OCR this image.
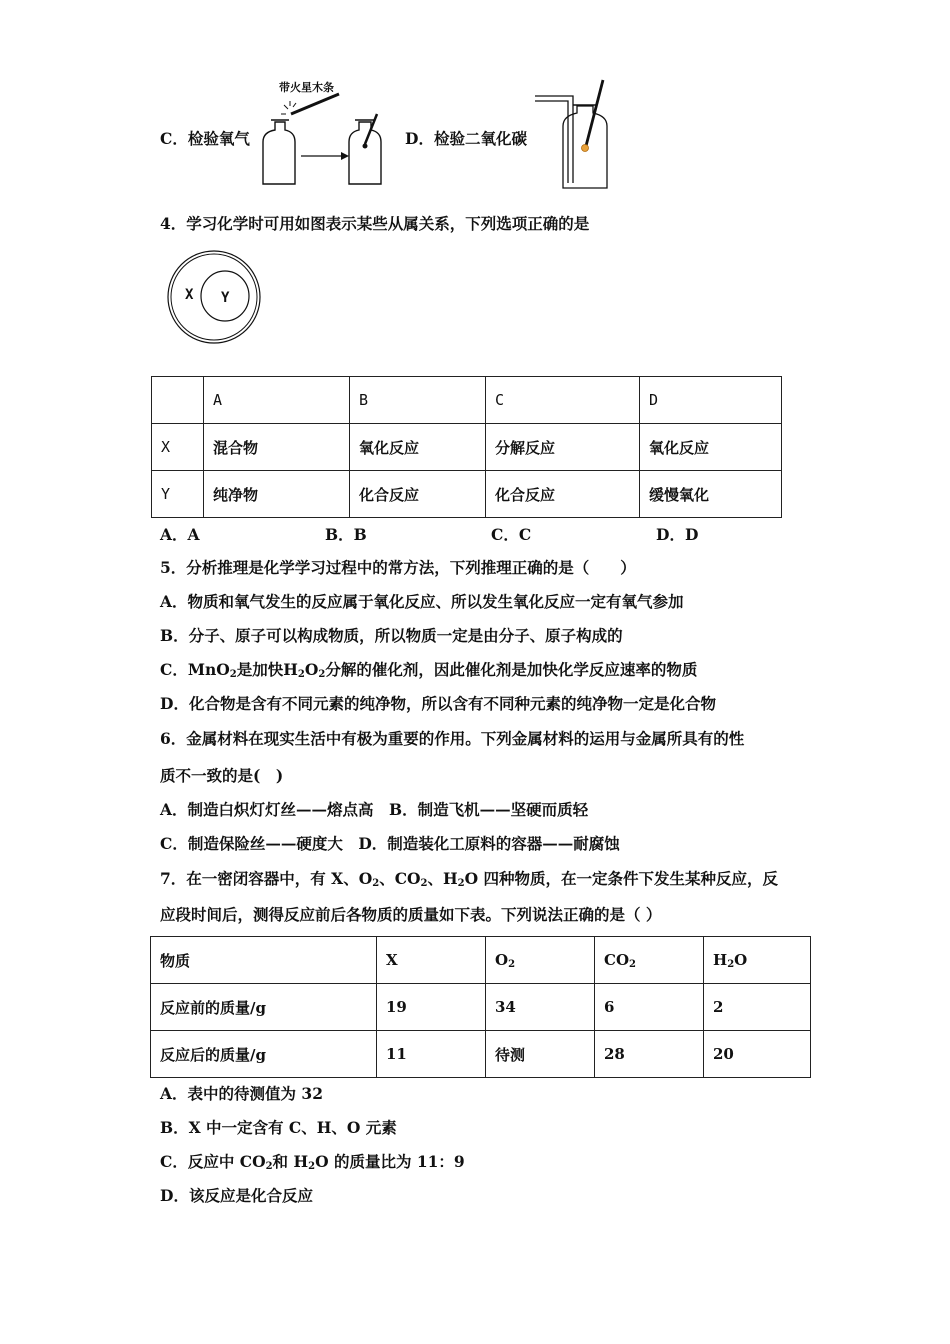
带火星木条
C．检验氧气	D．检验二氧化碳
4．学习化学时可用如图表示某些从属关系，下列选项正确的是
X Y
	A	B	C	D
X	混合物	氧化反应	分解反应	氧化反应
Y	纯净物	化合反应	化合反应	缓慢氧化
A．A	B．B	C．C	D．D
5．分析推理是化学学习过程中的常方法，下列推理正确的是（　　）
A．物质和氧气发生的反应属于氧化反应、所以发生氧化反应一定有氧气参加
B．分子、原子可以构成物质，所以物质一定是由分子、原子构成的
C．MnO$_2$是加快$H_2O_2$分解的催化剂，因此催化剂是加快化学反应速率的物质
D．化合物是含有不同元素的纯净物，所以含有不同种元素的纯净物一定是化合物
6．金属材料在现实生活中有极为重要的作用。下列金属材料的运用与金属所具有的性
质不一致的是(　)
A．制造白炽灯灯丝——熔点高　B．制造飞机——坚硬而质轻
C．制造保险丝——硬度大　D．制造装化工原料的容器——耐腐蚀
7．在一密闭容器中，有 X、$O_2$、$CO_2$、$H_2O$ 四种物质，在一定条件下发生某种反应，反
应段时间后，测得反应前后各物质的质量如下表。下列说法正确的是（ ）
物质	X	$O_2$	$CO_2$	$H_2O$
反应前的质量/g	19	34	6	2
反应后的质量/g	11	待测	28	20
A．表中的待测值为 32
B．X 中一定含有 C、H、O 元素
C．反应中 $CO_2$和 $H_2O$ 的质量比为 11：9
D．该反应是化合反应
